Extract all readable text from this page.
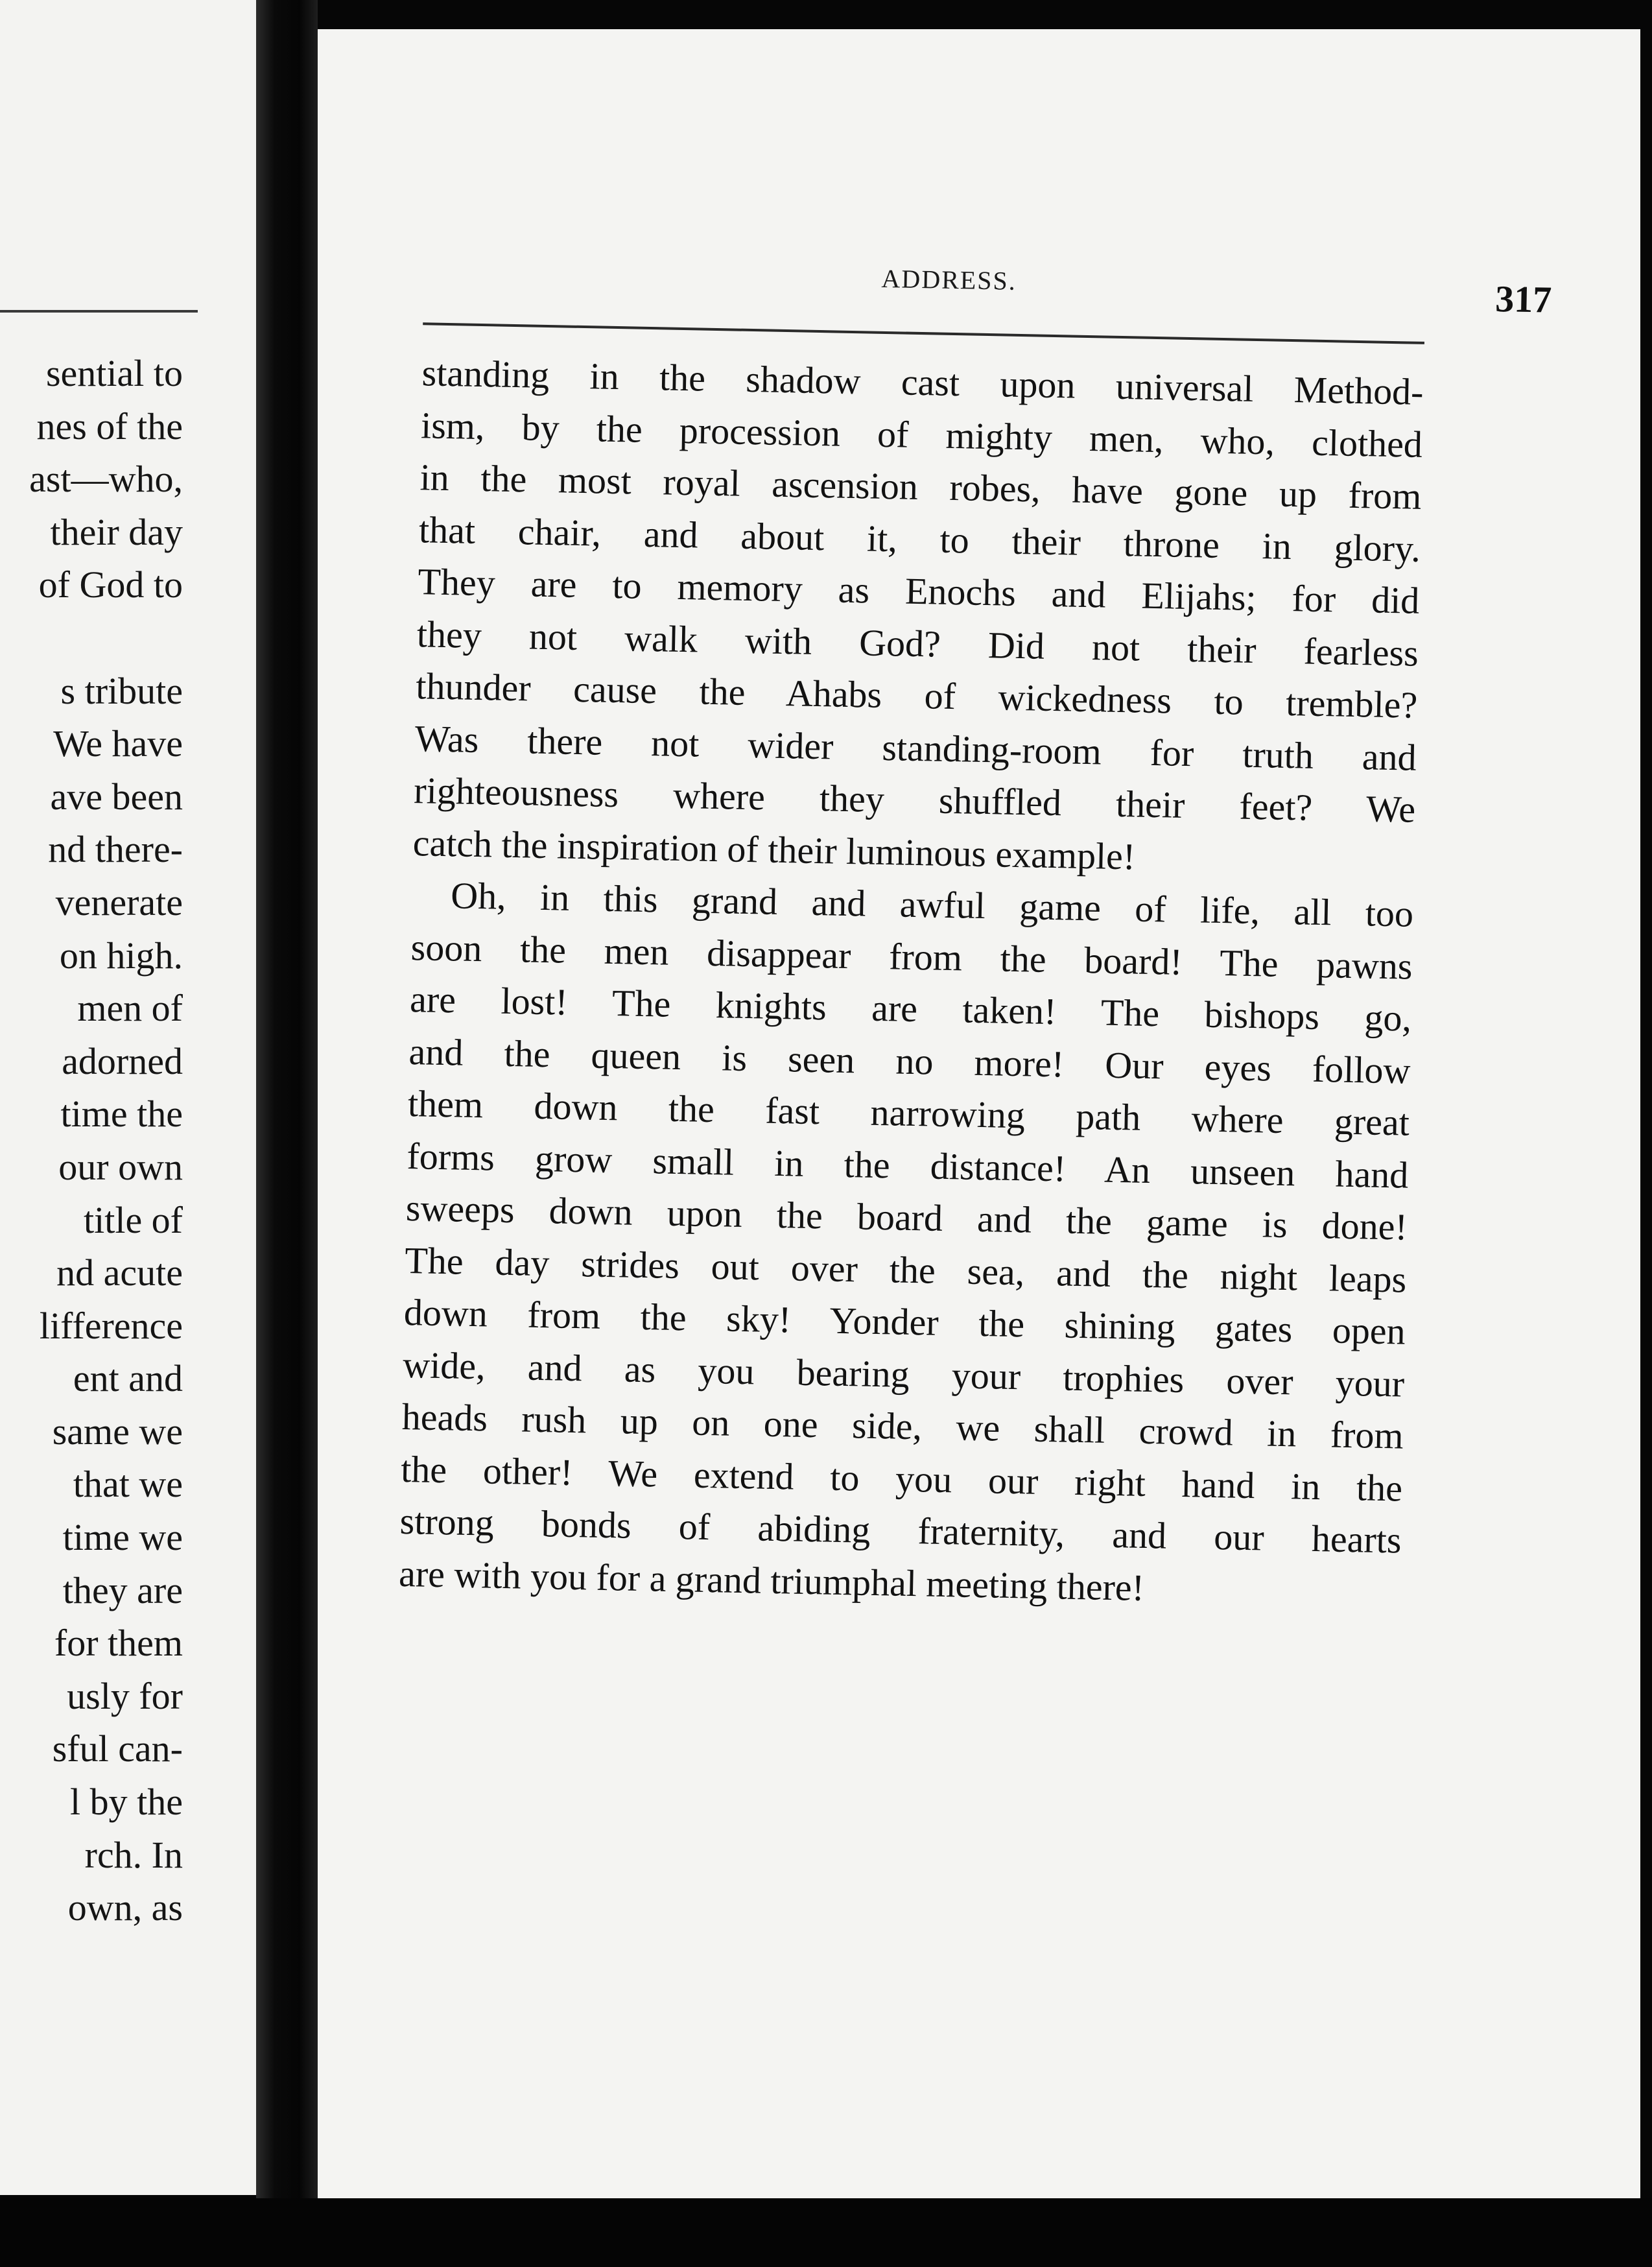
sential to
nes of the
ast—who,
their day
of God to
s tribute
We have
ave been
nd there-
venerate
on high.
men of
adorned
time the
our own
title of
nd acute
lifference
ent and
same we
that we
time we
they are
for them
usly for
sful can-
l by the
rch. In
own, as
ADDRESS.	317
standing in the shadow cast upon universal Method-
ism, by the procession of mighty men, who, clothed
in the most royal ascension robes, have gone up from
that chair, and about it, to their throne in glory.
They are to memory as Enochs and Elijahs; for did
they not walk with God? Did not their fearless
thunder cause the Ahabs of wickedness to tremble?
Was there not wider standing-room for truth and
righteousness where they shuffled their feet? We
catch the inspiration of their luminous example!
Oh, in this grand and awful game of life, all too
soon the men disappear from the board! The pawns
are lost! The knights are taken! The bishops go,
and the queen is seen no more! Our eyes follow
them down the fast narrowing path where great
forms grow small in the distance! An unseen hand
sweeps down upon the board and the game is done!
The day strides out over the sea, and the night leaps
down from the sky! Yonder the shining gates open
wide, and as you bearing your trophies over your
heads rush up on one side, we shall crowd in from
the other! We extend to you our right hand in the
strong bonds of abiding fraternity, and our hearts
are with you for a grand triumphal meeting there!
